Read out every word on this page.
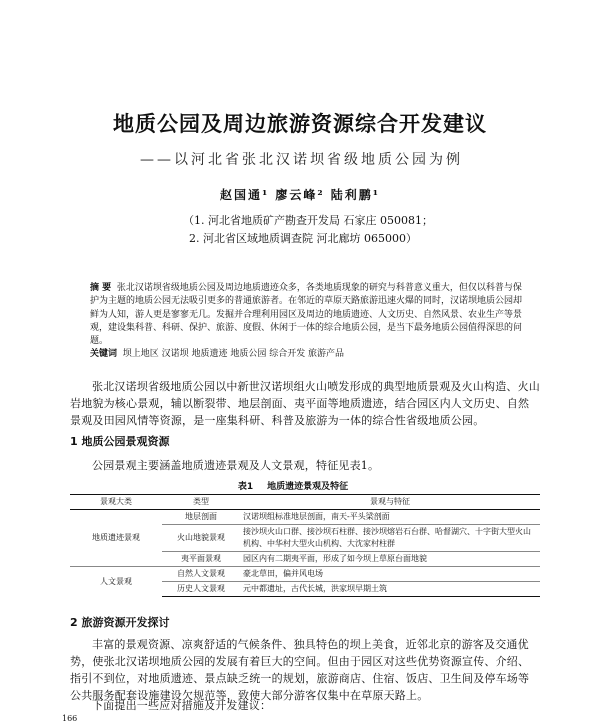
地质公园及周边旅游资源综合开发建议
——以河北省张北汉诺坝省级地质公园为例
赵国通¹ 廖云峰² 陆利鹏¹
（1. 河北省地质矿产勘查开发局 石家庄 050081；
2. 河北省区域地质调查院 河北廊坊 065000）
摘 要 张北汉诺坝省级地质公园及周边地质遗迹众多，各类地质现象的研究与科普意义重大，但仅以科普与保护为主题的地质公园无法吸引更多的普通旅游者。在邻近的草原天路旅游迅速火爆的同时，汉诺坝地质公园却鲜为人知，游人更是寥寥无几。发掘并合理利用园区及周边的地质遗迹、人文历史、自然风景、农业生产等景观，建设集科普、科研、保护、旅游、度假、休闲于一体的综合地质公园，是当下最务地质公园值得深思的问题。
关键词 坝上地区 汉诺坝 地质遗迹 地质公园 综合开发 旅游产品
张北汉诺坝省级地质公园以中新世汉诺坝组火山喷发形成的典型地质景观及火山构造、火山岩地貌为核心景观，辅以断裂带、地层剖面、夷平面等地质遗迹，结合园区内人文历史、自然景观及田园风情等资源，是一座集科研、科普及旅游为一体的综合性省级地质公园。
1 地质公园景观资源
公园景观主要涵盖地质遗迹景观及人文景观，特征见表1。
表1 地质遗迹景观及特征
景观大类	类型	景观与特征
地质遗迹景观	地层剖面	汉诺坝组标准地层剖面，南天-平头梁剖面
	火山地貌景观	接沙坝火山口群、接沙坝石柱群、接沙坝熔岩石台群、哈督湖穴、十字街大型火山机构、中华村大型火山机构、大沈家村柱群
	夷平面景观	园区内有二期夷平面，形成了如今坝上草原台面地貌
人文景观	自然人文景观	豪北草田，偏并风电场
	历史人文景观	元中都遗址，古代长城，洪家坝早期土筑
2 旅游资源开发探讨
丰富的景观资源、凉爽舒适的气候条件、独具特色的坝上美食，近邻北京的游客及交通优势，使张北汉诺坝地质公园的发展有着巨大的空间。但由于园区对这些优势资源宣传、介绍、指引不到位，对地质遗迹、景点缺乏统一的规划，旅游商店、住宿、饭店、卫生间及停车场等公共服务配套设施建设欠规范等，致使大部分游客仅集中在草原天路上。
下面提出一些应对措施及开发建议：
166
